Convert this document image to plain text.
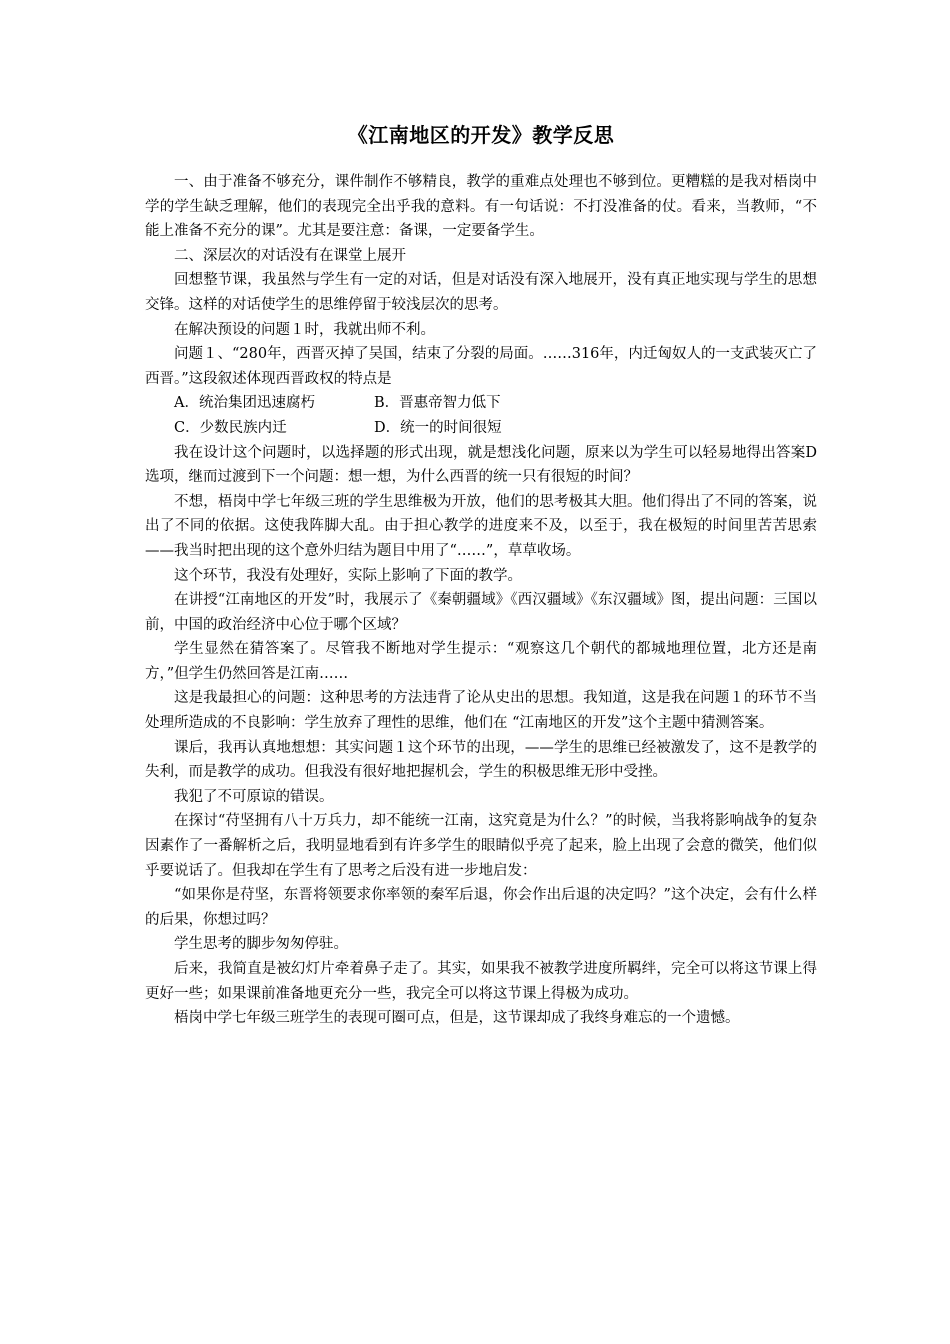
《江南地区的开发》教学反思

一、由于准备不够充分，课件制作不够精良，教学的重难点处理也不够到位。更糟糕的是我对梧岗中学的学生缺乏理解，他们的表现完全出乎我的意料。有一句话说：不打没准备的仗。看来，当教师，“不能上准备不充分的课”。尤其是要注意：备课，一定要备学生。

二、深层次的对话没有在课堂上展开

回想整节课，我虽然与学生有一定的对话，但是对话没有深入地展开，没有真正地实现与学生的思想交锋。这样的对话使学生的思维停留于较浅层次的思考。

在解决预设的问题１时，我就出师不利。

问题１、“280年，西晋灭掉了吴国，结束了分裂的局面。……316年，内迁匈奴人的一支武装灭亡了西晋。”这段叙述体现西晋政权的特点是

A．统治集团迅速腐朽	B．晋惠帝智力低下
C．少数民族内迁	D．统一的时间很短

我在设计这个问题时，以选择题的形式出现，就是想浅化问题，原来以为学生可以轻易地得出答案D选项，继而过渡到下一个问题：想一想，为什么西晋的统一只有很短的时间？

不想，梧岗中学七年级三班的学生思维极为开放，他们的思考极其大胆。他们得出了不同的答案，说出了不同的依据。这使我阵脚大乱。由于担心教学的进度来不及，以至于，我在极短的时间里苦苦思索——我当时把出现的这个意外归结为题目中用了“……”，草草收场。

这个环节，我没有处理好，实际上影响了下面的教学。

在讲授“江南地区的开发”时，我展示了《秦朝疆域》《西汉疆域》《东汉疆域》图，提出问题：三国以前，中国的政治经济中心位于哪个区域？

学生显然在猜答案了。尽管我不断地对学生提示：“观察这几个朝代的都城地理位置，北方还是南方，”但学生仍然回答是江南……

这是我最担心的问题：这种思考的方法违背了论从史出的思想。我知道，这是我在问题１的环节不当处理所造成的不良影响：学生放弃了理性的思维，他们在 “江南地区的开发”这个主题中猜测答案。

课后，我再认真地想想：其实问题１这个环节的出现，——学生的思维已经被激发了，这不是教学的失利，而是教学的成功。但我没有很好地把握机会，学生的积极思维无形中受挫。

我犯了不可原谅的错误。

在探讨“苻坚拥有八十万兵力，却不能统一江南，这究竟是为什么？”的时候，当我将影响战争的复杂因素作了一番解析之后，我明显地看到有许多学生的眼睛似乎亮了起来，脸上出现了会意的微笑，他们似乎要说话了。但我却在学生有了思考之后没有进一步地启发：

“如果你是苻坚，东晋将领要求你率领的秦军后退，你会作出后退的决定吗？”这个决定，会有什么样的后果，你想过吗？

学生思考的脚步匆匆停驻。

后来，我简直是被幻灯片牵着鼻子走了。其实，如果我不被教学进度所羁绊，完全可以将这节课上得更好一些；如果课前准备地更充分一些，我完全可以将这节课上得极为成功。

梧岗中学七年级三班学生的表现可圈可点，但是，这节课却成了我终身难忘的一个遗憾。
